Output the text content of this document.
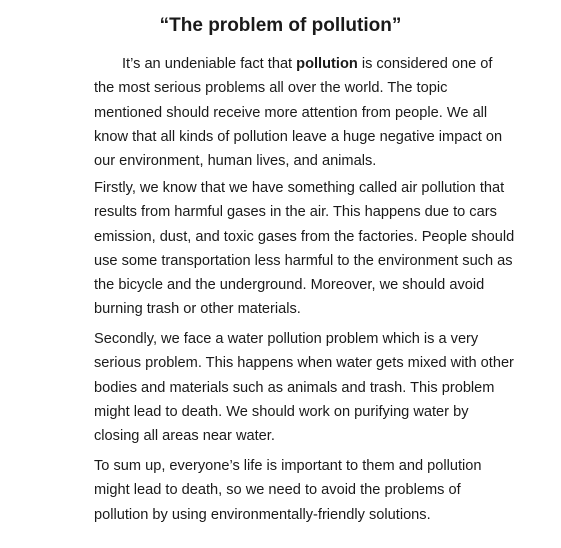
“The problem of pollution”

It’s an undeniable fact that pollution is considered one of
the most serious problems all over the world. The topic
mentioned should receive more attention from people. We all
know that all kinds of pollution leave a huge negative impact on
our environment, human lives, and animals.

Firstly, we know that we have something called air pollution that
results from harmful gases in the air. This happens due to cars
emission, dust, and toxic gases from the factories. People should
use some transportation less harmful to the environment such as
the bicycle and the underground. Moreover, we should avoid
burning trash or other materials.

Secondly, we face a water pollution problem which is a very
serious problem. This happens when water gets mixed with other
bodies and materials such as animals and trash. This problem
might lead to death. We should work on purifying water by
closing all areas near water.

To sum up, everyone’s life is important to them and pollution
might lead to death, so we need to avoid the problems of
pollution by using environmentally-friendly solutions.
